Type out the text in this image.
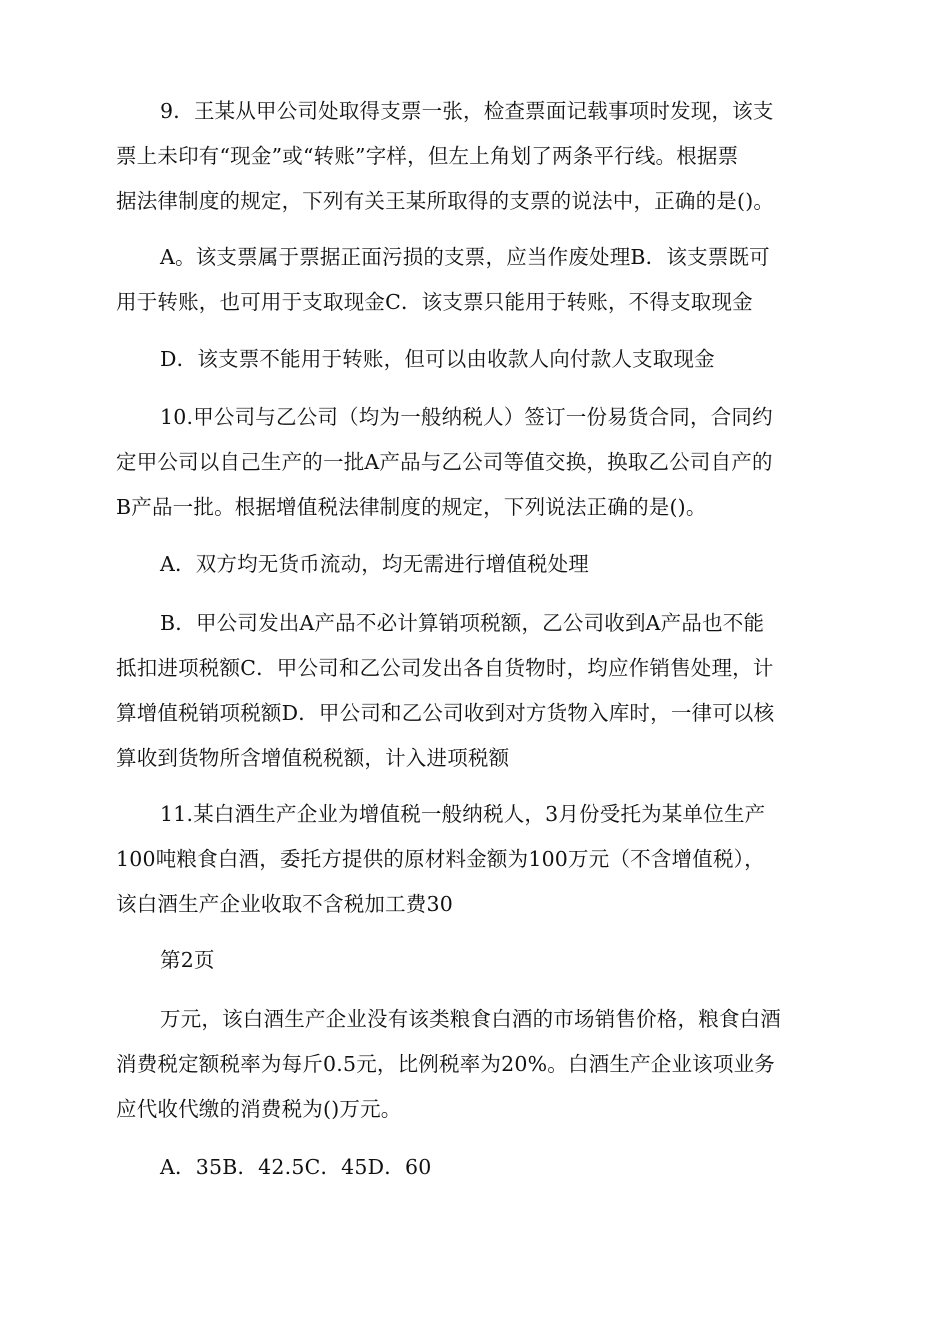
9．王某从甲公司处取得支票一张，检查票面记载事项时发现，该支
票上未印有“现金”或“转账”字样，但左上角划了两条平行线。根据票
据法律制度的规定，下列有关王某所取得的支票的说法中，正确的是()。
A。该支票属于票据正面污损的支票，应当作废处理B．该支票既可
用于转账，也可用于支取现金C．该支票只能用于转账，不得支取现金
D．该支票不能用于转账，但可以由收款人向付款人支取现金
10.甲公司与乙公司（均为一般纳税人）签订一份易货合同，合同约
定甲公司以自己生产的一批A产品与乙公司等值交换，换取乙公司自产的
B产品一批。根据增值税法律制度的规定，下列说法正确的是()。
A．双方均无货币流动，均无需进行增值税处理
B．甲公司发出A产品不必计算销项税额，乙公司收到A产品也不能
抵扣进项税额C．甲公司和乙公司发出各自货物时，均应作销售处理，计
算增值税销项税额D．甲公司和乙公司收到对方货物入库时，一律可以核
算收到货物所含增值税税额，计入进项税额
11.某白酒生产企业为增值税一般纳税人，3月份受托为某单位生产
100吨粮食白酒，委托方提供的原材料金额为100万元（不含增值税），
该白酒生产企业收取不含税加工费30
第2页
万元，该白酒生产企业没有该类粮食白酒的市场销售价格，粮食白酒
消费税定额税率为每斤0.5元，比例税率为20%。白酒生产企业该项业务
应代收代缴的消费税为()万元。
A．35B．42.5C．45D．60
